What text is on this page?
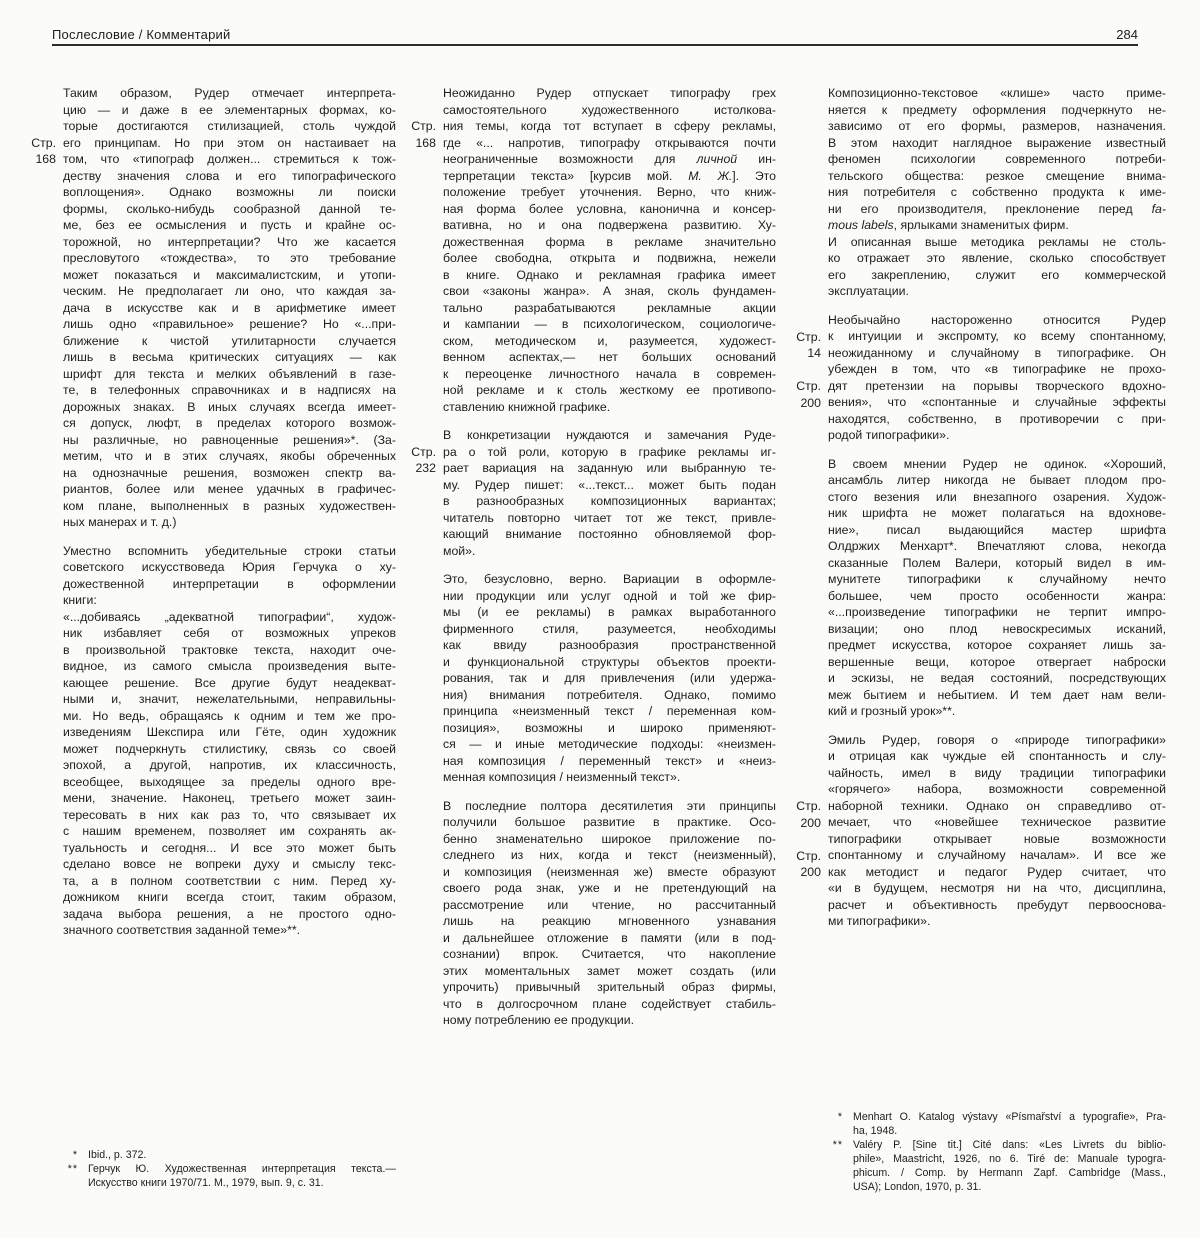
Послесловие / Комментарий	284
Таким образом, Рудер отмечает интерпрета-
цию — и даже в ее элементарных формах, ко-
торые достигаются стилизацией, столь чуждой
его принципам. Но при этом он настаивает на
том, что «типограф должен... стремиться к тож-
деству значения слова и его типографического
воплощения». Однако возможны ли поиски
формы, сколько-нибудь сообразной данной те-
ме, без ее осмысления и пусть и крайне ос-
торожной, но интерпретации? Что же касается
пресловутого «тождества», то это требование
может показаться и максималистским, и утопи-
ческим. Не предполагает ли оно, что каждая за-
дача в искусстве как и в арифметике имеет
лишь одно «правильное» решение? Но «...при-
ближение к чистой утилитарности случается
лишь в весьма критических ситуациях — как
шрифт для текста и мелких объявлений в газе-
те, в телефонных справочниках и в надписях на
дорожных знаках. В иных случаях всегда имеет-
ся допуск, люфт, в пределах которого возмож-
ны различные, но равноценные решения»*. (За-
метим, что и в этих случаях, якобы обреченных
на однозначные решения, возможен спектр ва-
риантов, более или менее удачных в графичес-
ком плане, выполненных в разных художествен-
ных манерах и т. д.)
Уместно вспомнить убедительные строки статьи
советского искусствоведа Юрия Герчука о ху-
дожественной интерпретации в оформлении
книги:
«...добиваясь „адекватной типографии“, худож-
ник избавляет себя от возможных упреков
в произвольной трактовке текста, находит оче-
видное, из самого смысла произведения выте-
кающее решение. Все другие будут неадекват-
ными и, значит, нежелательными, неправильны-
ми. Но ведь, обращаясь к одним и тем же про-
изведениям Шекспира или Гёте, один художник
может подчеркнуть стилистику, связь со своей
эпохой, а другой, напротив, их классичность,
всеобщее, выходящее за пределы одного вре-
мени, значение. Наконец, третьего может заин-
тересовать в них как раз то, что связывает их
с нашим временем, позволяет им сохранять ак-
туальность и сегодня... И все это может быть
сделано вовсе не вопреки духу и смыслу текс-
та, а в полном соответствии с ним. Перед ху-
дожником книги всегда стоит, таким образом,
задача выбора решения, а не простого одно-
значного соответствия заданной теме»**.
* Ibid., p. 372.
** Герчук Ю. Художественная интерпретация текста.—
Искусство книги 1970/71. М., 1979, вып. 9, с. 31.
Стр.
168
Неожиданно Рудер отпускает типографу грех
самостоятельного художественного истолкова-
ния темы, когда тот вступает в сферу рекламы,
где «... напротив, типографу открываются почти
неограниченные возможности для личной ин-
терпретации текста» [курсив мой. М. Ж.]. Это
положение требует уточнения. Верно, что книж-
ная форма более условна, канонична и консер-
вативна, но и она подвержена развитию. Ху-
дожественная форма в рекламе значительно
более свободна, открыта и подвижна, нежели
в книге. Однако и рекламная графика имеет
свои «законы жанра». А зная, сколь фундамен-
тально разрабатываются рекламные акции
и кампании — в психологическом, социологиче-
ском, методическом и, разумеется, художест-
венном аспектах,— нет больших оснований
к переоценке личностного начала в современ-
ной рекламе и к столь жесткому ее противопо-
ставлению книжной графике.
В конкретизации нуждаются и замечания Руде-
ра о той роли, которую в графике рекламы иг-
рает вариация на заданную или выбранную те-
му. Рудер пишет: «...текст... может быть подан
в разнообразных композиционных вариантах;
читатель повторно читает тот же текст, привле-
кающий внимание постоянно обновляемой фор-
мой».
Это, безусловно, верно. Вариации в оформле-
нии продукции или услуг одной и той же фир-
мы (и ее рекламы) в рамках выработанного
фирменного стиля, разумеется, необходимы
как ввиду разнообразия пространственной
и функциональной структуры объектов проекти-
рования, так и для привлечения (или удержа-
ния) внимания потребителя. Однако, помимо
принципа «неизменный текст / переменная ком-
позиция», возможны и широко применяют-
ся — и иные методические подходы: «неизмен-
ная композиция / переменный текст» и «неиз-
менная композиция / неизменный текст».
В последние полтора десятилетия эти принципы
получили большое развитие в практике. Осо-
бенно знаменательно широкое приложение по-
следнего из них, когда и текст (неизменный),
и композиция (неизменная же) вместе образуют
своего рода знак, уже и не претендующий на
рассмотрение или чтение, но рассчитанный
лишь на реакцию мгновенного узнавания
и дальнейшее отложение в памяти (или в под-
сознании) впрок. Считается, что накопление
этих моментальных замет может создать (или
упрочить) привычный зрительный образ фирмы,
что в долгосрочном плане содействует стабиль-
ному потреблению ее продукции.
Стр.
168
Стр.
232
Композиционно-текстовое «клише» часто приме-
няется к предмету оформления подчеркнуто не-
зависимо от его формы, размеров, назначения.
В этом находит наглядное выражение известный
феномен психологии современного потреби-
тельского общества: резкое смещение внима-
ния потребителя с собственно продукта к име-
ни его производителя, преклонение перед fa-
mous labels, ярлыками знаменитых фирм.
И описанная выше методика рекламы не столь-
ко отражает это явление, сколько способствует
его закреплению, служит его коммерческой
эксплуатации.
Необычайно настороженно относится Рудер
к интуиции и экспромту, ко всему спонтанному,
неожиданному и случайному в типографике. Он
убежден в том, что «в типографике не прохо-
дят претензии на порывы творческого вдохно-
вения», что «спонтанные и случайные эффекты
находятся, собственно, в противоречии с при-
родой типографики».
В своем мнении Рудер не одинок. «Хороший,
ансамбль литер никогда не бывает плодом про-
стого везения или внезапного озарения. Худож-
ник шрифта не может полагаться на вдохнове-
ние», писал выдающийся мастер шрифта
Олдржих Менхарт*. Впечатляют слова, некогда
сказанные Полем Валери, который видел в им-
мунитете типографики к случайному нечто
большее, чем просто особенности жанра:
«...произведение типографики не терпит импро-
визации; оно плод невоскресимых исканий,
предмет искусства, которое сохраняет лишь за-
вершенные вещи, которое отвергает наброски
и эскизы, не ведая состояний, посредствующих
меж бытием и небытием. И тем дает нам вели-
кий и грозный урок»**.
Эмиль Рудер, говоря о «природе типографики»
и отрицая как чуждые ей спонтанность и слу-
чайность, имел в виду традиции типографики
«горячего» набора, возможности современной
наборной техники. Однако он справедливо от-
мечает, что «новейшее техническое развитие
типографики открывает новые возможности
спонтанному и случайному началам». И все же
как методист и педагог Рудер считает, что
«и в будущем, несмотря ни на что, дисциплина,
расчет и объективность пребудут первооснова-
ми типографики».
* Menhart O. Katalog výstavy «Písmařství a typografie», Pra-
ha, 1948.
** Valéry P. [Sine tit.] Cité dans: «Les Livrets du biblio-
phile», Maastricht, 1926, no 6. Tiré de: Manuale typogra-
phicum. / Comp. by Hermann Zapf. Cambridge (Mass.,
USA); London, 1970, p. 31.
Стр.
14
Стр.
200
Стр.
200
Стр.
200
